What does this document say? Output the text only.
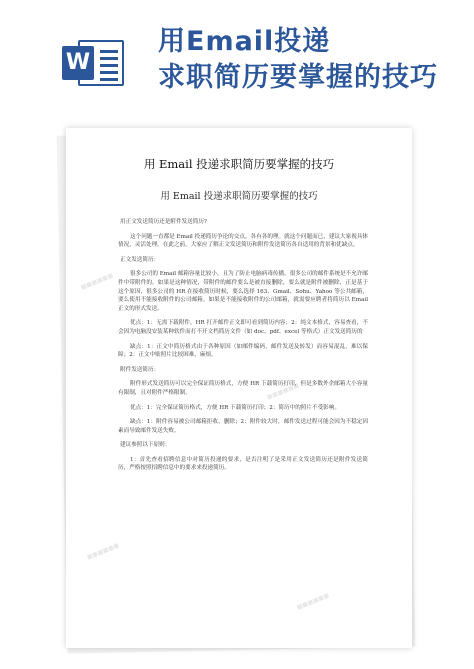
W
用Email投递
求职简历要掌握的技巧
■■■■■■
■■■■■■
■■■■■■
■■■■■■
用 Email 投递求职简历要掌握的技巧
用 Email 投递求职简历要掌握的技巧

用正文发送简历还是附件发送简历?

这个问题一直都是 Email 投递简历争论的交点，各有各的理。就这个问题而已，建议大家视具体情况，灵活处理。在此之前，大家应了解正文发送简历和附件发送简历各自适用的背景和优缺点。

正文发送简历：

很多公司的 Email 邮箱容量比较小，且为了防止电脑病毒传播，很多公司的邮件系统是不允许邮件中带附件的。如果是这种情况，带附件的邮件要么是被直接删除，要么就是附件被删除，正是基于这个原因，很多公司的 HR 在接收简历时候，要么选择 163、Gmail、Sohu、Yahoo 等公共邮箱，要么使用不能接收附件的公司邮箱。如果是不能接收附件的公司邮箱，就需要应聘者将简历以 Email 正文的形式发送。

优点：1：无需下载附件，HR 打开邮件正文即可看到简历内容；2：纯文本格式，容易查看，不会因为电脑没安装某种软件而打不开文档简历文件（如 doc、pdf、excel 等格式）正文发送简历的

缺点：1：正文中简历格式由于各种原因（如邮件编码，邮件发送及转发）而容易混乱，难以保障；2：正文中贴照片比较困难，麻烦。

附件发送简历：

附件形式发送简历可以完全保证简历格式，方便 HR 下载简历打印，但是多数外企邮箱大小容量有限制，且对附件严格限制。

优点：1：完全保证简历格式，方便 HR 下载简历打印；2：简历中的照片不受影响。

缺点：1：附件容易被公司邮箱拒收、删除；2：附件较大时，邮件发送过程可能会因为不稳定因素而导致邮件发送失败。

建议参照以下原则：

1：首先查看招聘信息中对简历投递的要求，是否注明了是采用正文发送简历还是附件发送简历，严格按照招聘信息中的要求来投递简历。
